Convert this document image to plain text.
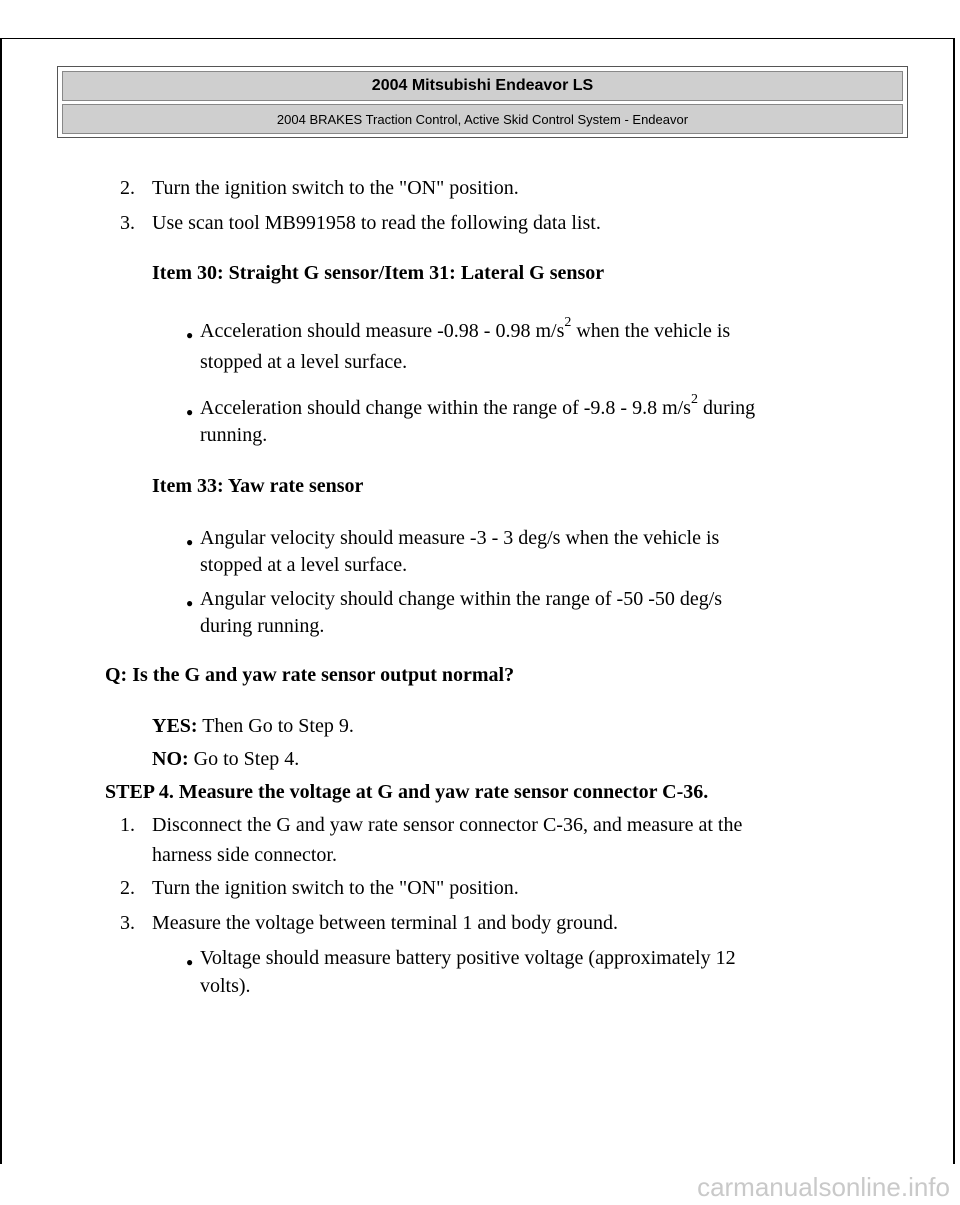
2004 Mitsubishi Endeavor LS
2004 BRAKES Traction Control, Active Skid Control System - Endeavor
2. Turn the ignition switch to the "ON" position.
3. Use scan tool MB991958 to read the following data list.
Item 30: Straight G sensor/Item 31: Lateral G sensor
● Acceleration should measure -0.98 - 0.98 $m/s^2$ when the vehicle is
stopped at a level surface.
● Acceleration should change within the range of -9.8 - 9.8 $m/s^2$ during
running.
Item 33: Yaw rate sensor
● Angular velocity should measure -3 - 3 deg/s when the vehicle is
stopped at a level surface.
● Angular velocity should change within the range of -50 -50 deg/s
during running.
Q: Is the G and yaw rate sensor output normal?
YES: Then Go to Step 9.
NO: Go to Step 4.
STEP 4. Measure the voltage at G and yaw rate sensor connector C-36.
1. Disconnect the G and yaw rate sensor connector C-36, and measure at the
harness side connector.
2. Turn the ignition switch to the "ON" position.
3. Measure the voltage between terminal 1 and body ground.
● Voltage should measure battery positive voltage (approximately 12
volts).
carmanualsonline.info
